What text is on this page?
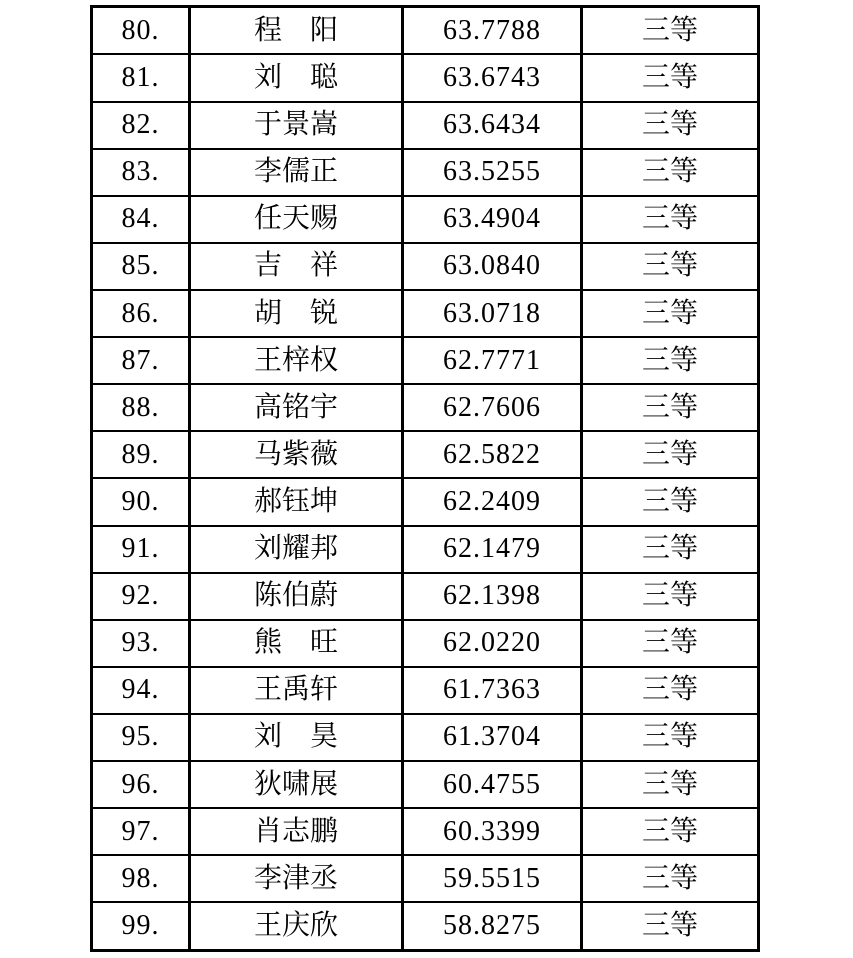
80.	程　阳	63.7788	三等
81.	刘　聪	63.6743	三等
82.	于景嵩	63.6434	三等
83.	李儒正	63.5255	三等
84.	任天赐	63.4904	三等
85.	吉　祥	63.0840	三等
86.	胡　锐	63.0718	三等
87.	王梓权	62.7771	三等
88.	高铭宇	62.7606	三等
89.	马紫薇	62.5822	三等
90.	郝钰坤	62.2409	三等
91.	刘耀邦	62.1479	三等
92.	陈伯蔚	62.1398	三等
93.	熊　旺	62.0220	三等
94.	王禹轩	61.7363	三等
95.	刘　昊	61.3704	三等
96.	狄啸展	60.4755	三等
97.	肖志鹏	60.3399	三等
98.	李津丞	59.5515	三等
99.	王庆欣	58.8275	三等
